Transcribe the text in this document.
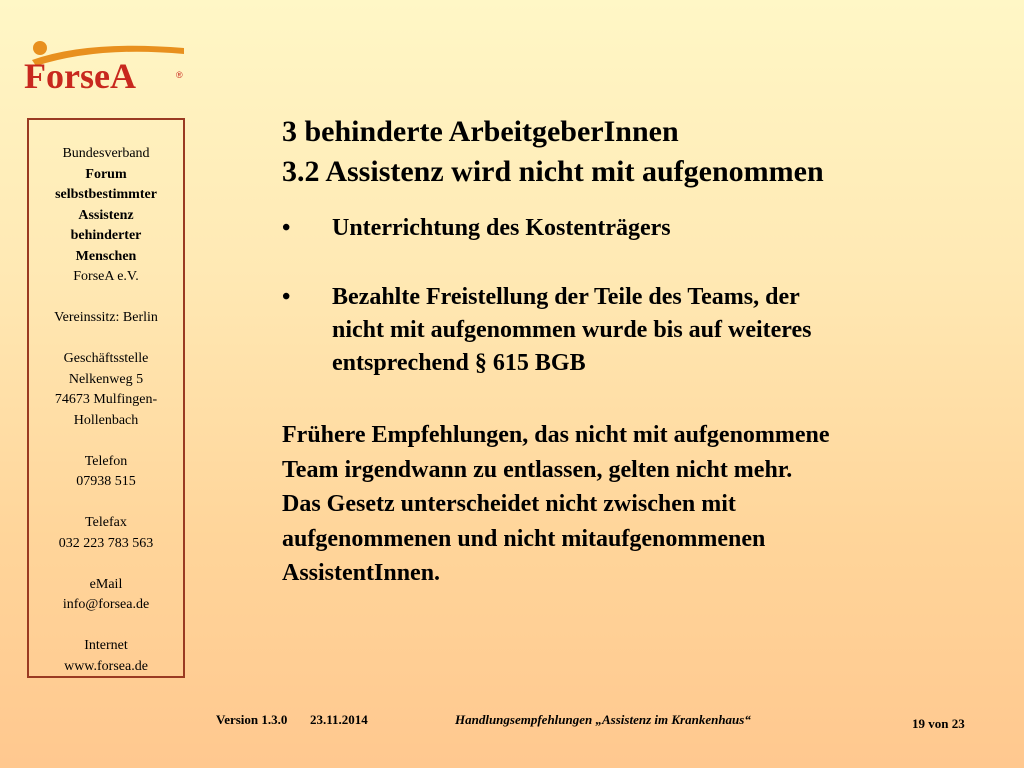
ForseA	®
Bundesverband
Forum
selbstbestimmter
Assistenz
behinderter
Menschen
ForseA e.V.
Vereinssitz: Berlin
Geschäftsstelle
Nelkenweg 5
74673 Mulfingen-
Hollenbach
Telefon
07938 515
Telefax
032 223 783 563
eMail
info@forsea.de
Internet
www.forsea.de
3 behinderte ArbeitgeberInnen
3.2 Assistenz wird nicht mit aufgenommen
• Unterrichtung des Kostenträgers
• Bezahlte Freistellung der Teile des Teams, der
nicht mit aufgenommen wurde bis auf weiteres
entsprechend § 615 BGB
Frühere Empfehlungen, das nicht mit aufgenommene
Team irgendwann zu entlassen, gelten nicht mehr.
Das Gesetz unterscheidet nicht zwischen mit
aufgenommenen und nicht mitaufgenommenen
AssistentInnen.
Version 1.3.0 23.11.2014	Handlungsempfehlungen „Assistenz im Krankenhaus“	19 von 23
